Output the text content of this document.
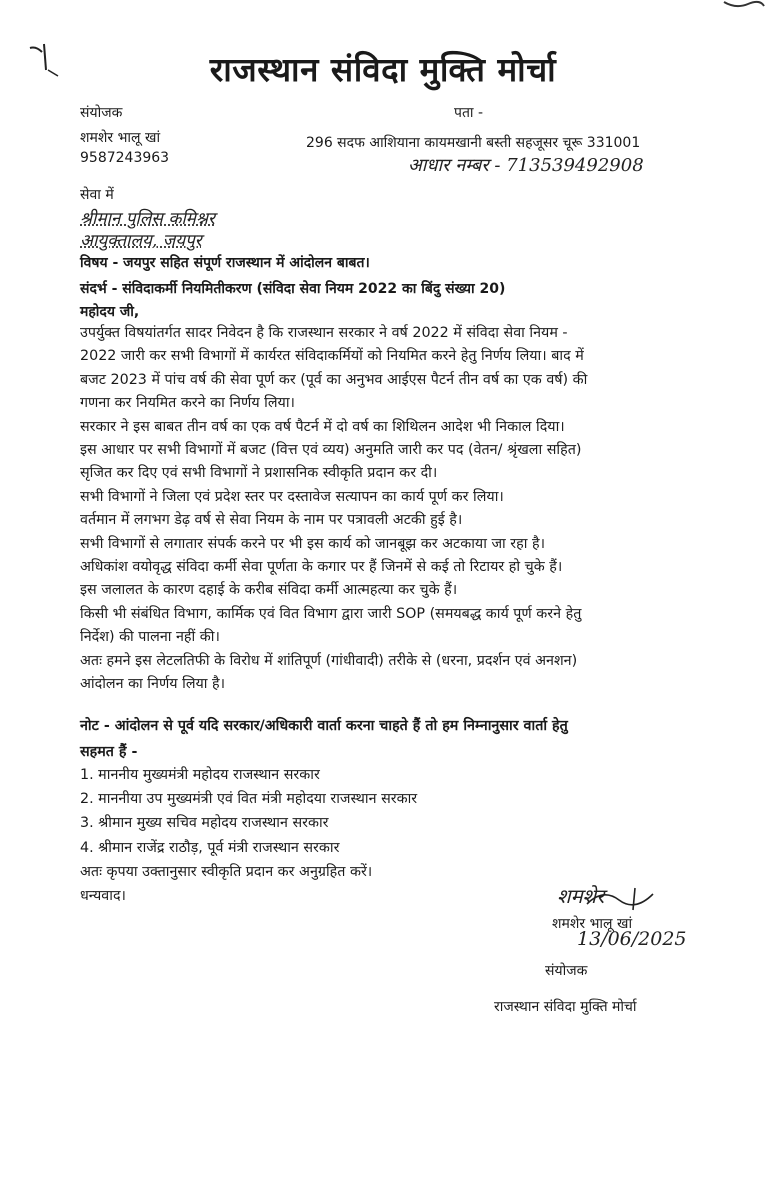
राजस्थान संविदा मुक्ति मोर्चा
संयोजक
शमशेर भालू खां
9587243963
पता -
296 सदफ आशियाना कायमखानी बस्ती सहजूसर चूरू 331001
आधार नम्बर - 713539492908
सेवा में
श्रीमान पुलिस कमिश्नर
आयुक्तालय, जयपुर
विषय - जयपुर सहित संपूर्ण राजस्थान में आंदोलन बाबत।
संदर्भ - संविदाकर्मी नियमितीकरण (संविदा सेवा नियम 2022 का बिंदु संख्या 20)
महोदय जी,

उपर्युक्त विषयांतर्गत सादर निवेदन है कि राजस्थान सरकार ने वर्ष 2022 में संविदा सेवा नियम -

2022 जारी कर सभी विभागों में कार्यरत संविदाकर्मियों को नियमित करने हेतु निर्णय लिया। बाद में

बजट 2023 में पांच वर्ष की सेवा पूर्ण कर (पूर्व का अनुभव आईएस पैटर्न तीन वर्ष का एक वर्ष) की

गणना कर नियमित करने का निर्णय लिया।

सरकार ने इस बाबत तीन वर्ष का एक वर्ष पैटर्न में दो वर्ष का शिथिलन आदेश भी निकाल दिया।

इस आधार पर सभी विभागों में बजट (वित्त एवं व्यय) अनुमति जारी कर पद (वेतन/ श्रृंखला सहित)

सृजित कर दिए एवं सभी विभागों ने प्रशासनिक स्वीकृति प्रदान कर दी।

सभी विभागों ने जिला एवं प्रदेश स्तर पर दस्तावेज सत्यापन का कार्य पूर्ण कर लिया।

वर्तमान में लगभग डेढ़ वर्ष से सेवा नियम के नाम पर पत्रावली अटकी हुई है।

सभी विभागों से लगातार संपर्क करने पर भी इस कार्य को जानबूझ कर अटकाया जा रहा है।

अधिकांश वयोवृद्ध संविदा कर्मी सेवा पूर्णता के कगार पर हैं जिनमें से कई तो रिटायर हो चुके हैं।

इस जलालत के कारण दहाई के करीब संविदा कर्मी आत्महत्या कर चुके हैं।

किसी भी संबंधित विभाग, कार्मिक एवं वित विभाग द्वारा जारी SOP (समयबद्ध कार्य पूर्ण करने हेतु

निर्देश) की पालना नहीं की।

अतः हमने इस लेटलतिफी के विरोध में शांतिपूर्ण (गांधीवादी) तरीके से (धरना, प्रदर्शन एवं अनशन)

आंदोलन का निर्णय लिया है।

नोट - आंदोलन से पूर्व यदि सरकार/अधिकारी वार्ता करना चाहते हैं तो हम निम्नानुसार वार्ता हेतु
सहमत हैं -
1. माननीय मुख्यमंत्री महोदय राजस्थान सरकार
2. माननीया उप मुख्यमंत्री एवं वित मंत्री महोदया राजस्थान सरकार
3. श्रीमान मुख्य सचिव महोदय राजस्थान सरकार
4. श्रीमान राजेंद्र राठौड़, पूर्व मंत्री राजस्थान सरकार
अतः कृपया उक्तानुसार स्वीकृति प्रदान कर अनुग्रहित करें।
धन्यवाद।	शमशेर
शमशेर भालू खां
13/06/2025
संयोजक
राजस्थान संविदा मुक्ति मोर्चा
